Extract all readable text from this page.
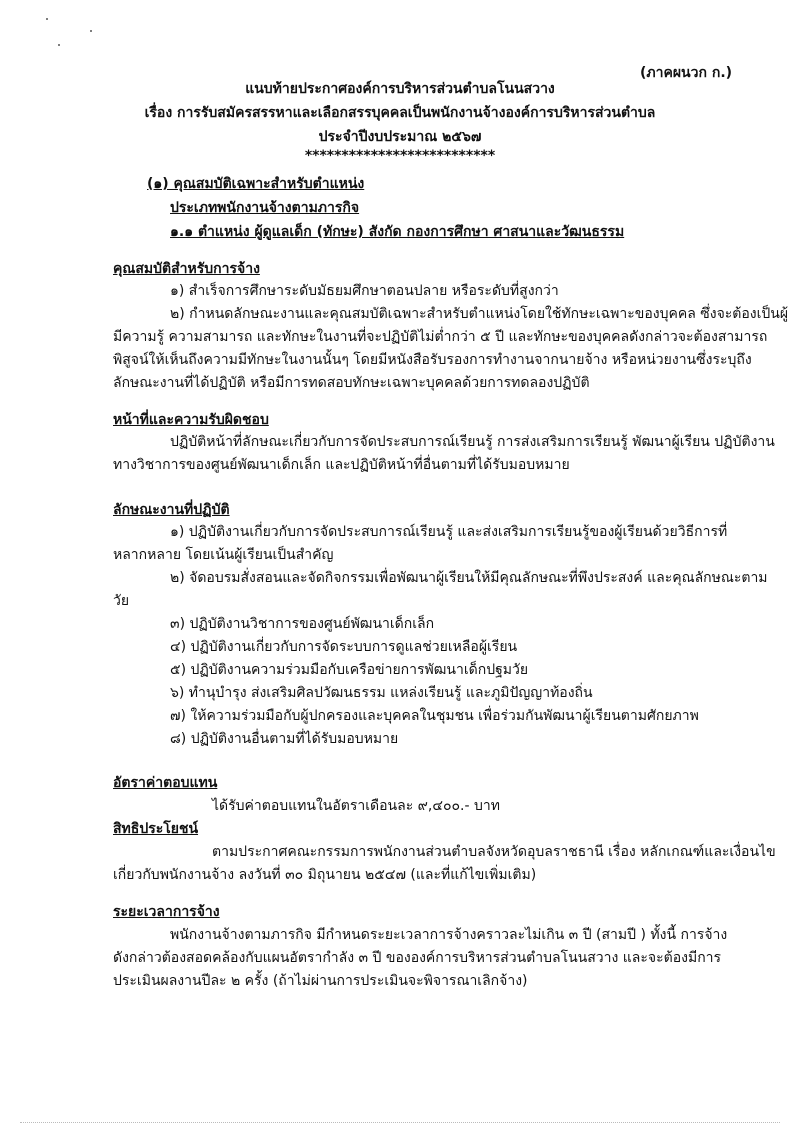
(ภาคผนวก ก.)
แนบท้ายประกาศองค์การบริหารส่วนตำบลโนนสวาง
เรื่อง การรับสมัครสรรหาและเลือกสรรบุคคลเป็นพนักงานจ้างองค์การบริหารส่วนตำบล
ประจำปีงบประมาณ ๒๕๖๗
**************************
(๑) คุณสมบัติเฉพาะสำหรับตำแหน่ง
ประเภทพนักงานจ้างตามภารกิจ
๑.๑ ตำแหน่ง ผู้ดูแลเด็ก (ทักษะ) สังกัด กองการศึกษา ศาสนาและวัฒนธรรม
คุณสมบัติสำหรับการจ้าง
๑) สำเร็จการศึกษาระดับมัธยมศึกษาตอนปลาย หรือระดับที่สูงกว่า
๒) กำหนดลักษณะงานและคุณสมบัติเฉพาะสำหรับตำแหน่งโดยใช้ทักษะเฉพาะของบุคคล ซึ่งจะต้องเป็นผู้
มีความรู้ ความสามารถ และทักษะในงานที่จะปฏิบัติไม่ต่ำกว่า ๕ ปี และทักษะของบุคคลดังกล่าวจะต้องสามารถ
พิสูจน์ให้เห็นถึงความมีทักษะในงานนั้นๆ โดยมีหนังสือรับรองการทำงานจากนายจ้าง หรือหน่วยงานซึ่งระบุถึง
ลักษณะงานที่ได้ปฏิบัติ หรือมีการทดสอบทักษะเฉพาะบุคคลด้วยการทดลองปฏิบัติ
หน้าที่และความรับผิดชอบ
ปฏิบัติหน้าที่ลักษณะเกี่ยวกับการจัดประสบการณ์เรียนรู้ การส่งเสริมการเรียนรู้ พัฒนาผู้เรียน ปฏิบัติงาน
ทางวิชาการของศูนย์พัฒนาเด็กเล็ก และปฏิบัติหน้าที่อื่นตามที่ได้รับมอบหมาย
ลักษณะงานที่ปฏิบัติ
๑) ปฏิบัติงานเกี่ยวกับการจัดประสบการณ์เรียนรู้ และส่งเสริมการเรียนรู้ของผู้เรียนด้วยวิธีการที่
หลากหลาย โดยเน้นผู้เรียนเป็นสำคัญ
๒) จัดอบรมสั่งสอนและจัดกิจกรรมเพื่อพัฒนาผู้เรียนให้มีคุณลักษณะที่พึงประสงค์ และคุณลักษณะตาม
วัย
๓) ปฏิบัติงานวิชาการของศูนย์พัฒนาเด็กเล็ก
๔) ปฏิบัติงานเกี่ยวกับการจัดระบบการดูแลช่วยเหลือผู้เรียน
๕) ปฏิบัติงานความร่วมมือกับเครือข่ายการพัฒนาเด็กปฐมวัย
๖) ทำนุบำรุง ส่งเสริมศิลปวัฒนธรรม แหล่งเรียนรู้ และภูมิปัญญาท้องถิ่น
๗) ให้ความร่วมมือกับผู้ปกครองและบุคคลในชุมชน เพื่อร่วมกันพัฒนาผู้เรียนตามศักยภาพ
๘) ปฏิบัติงานอื่นตามที่ได้รับมอบหมาย
อัตราค่าตอบแทน
ได้รับค่าตอบแทนในอัตราเดือนละ ๙,๔๐๐.- บาท
สิทธิประโยชน์
ตามประกาศคณะกรรมการพนักงานส่วนตำบลจังหวัดอุบลราชธานี เรื่อง หลักเกณฑ์และเงื่อนไข
เกี่ยวกับพนักงานจ้าง ลงวันที่ ๓๐ มิถุนายน ๒๕๔๗ (และที่แก้ไขเพิ่มเติม)
ระยะเวลาการจ้าง
พนักงานจ้างตามภารกิจ มีกำหนดระยะเวลาการจ้างคราวละไม่เกิน ๓ ปี (สามปี ) ทั้งนี้ การจ้าง
ดังกล่าวต้องสอดคล้องกับแผนอัตรากำลัง ๓ ปี ขององค์การบริหารส่วนตำบลโนนสวาง และจะต้องมีการ
ประเมินผลงานปีละ ๒ ครั้ง (ถ้าไม่ผ่านการประเมินจะพิจารณาเลิกจ้าง)
